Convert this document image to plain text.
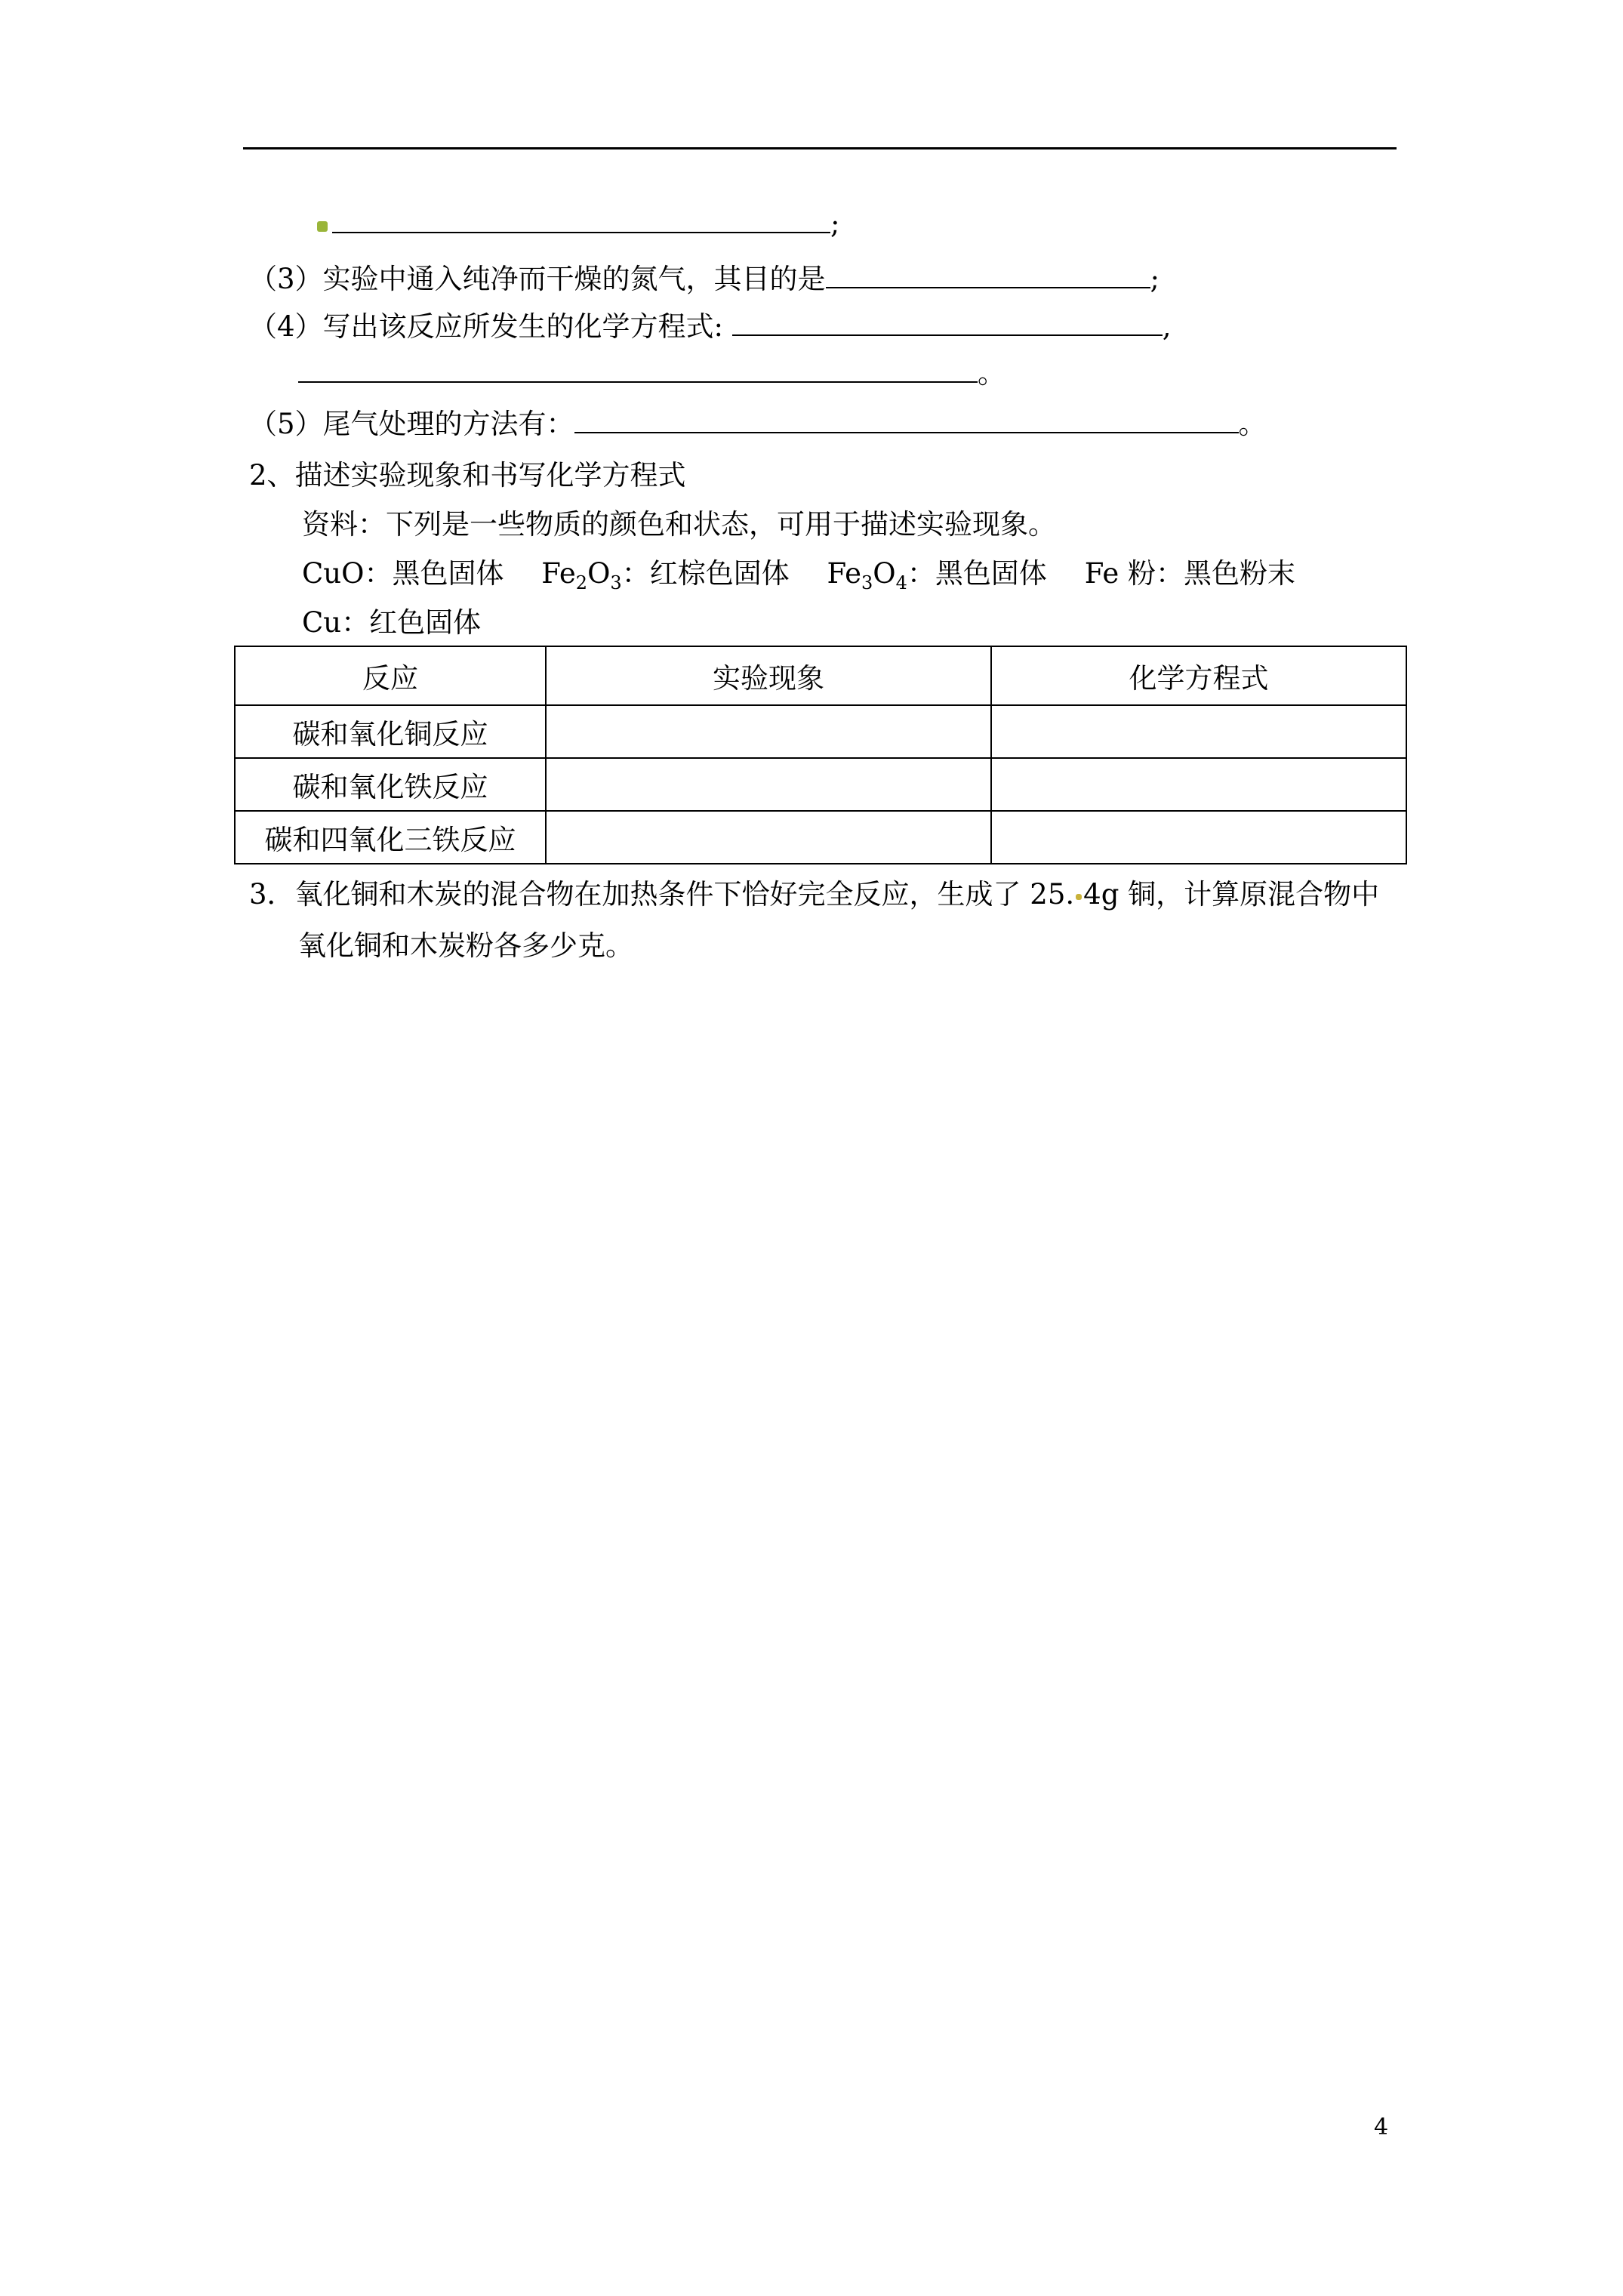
;
（3）实验中通入纯净而干燥的氮气，其目的是	;
（4）写出该反应所发生的化学方程式:	,
。
（5）尾气处理的方法有：	。
2、描述实验现象和书写化学方程式
资料：下列是一些物质的颜色和状态，可用于描述实验现象。
CuO：黑色固体 $Fe_2O_3$：红棕色固体 $Fe_3O_4$：黑色固体 Fe 粉：黑色粉末
Cu：红色固体
反应	实验现象	化学方程式
碳和氧化铜反应		
碳和氧化铁反应		
碳和四氧化三铁反应		
3．氧化铜和木炭的混合物在加热条件下恰好完全反应，生成了 25. 4g 铜，计算原混合物中
氧化铜和木炭粉各多少克。
4
